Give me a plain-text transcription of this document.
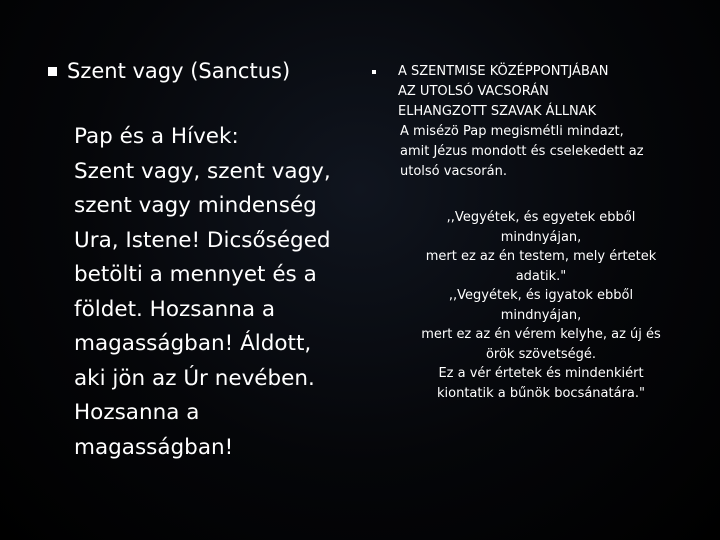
Szent vagy (Sanctus)
Pap és a Hívek:
Szent vagy, szent vagy,
szent vagy mindenség
Ura, Istene! Dicsőséged
betölti a mennyet és a
földet. Hozsanna a
magasságban! Áldott,
aki jön az Úr nevében.
Hozsanna a
magasságban!
A SZENTMISE KÖZÉPPONTJÁBAN
AZ UTOLSÓ VACSORÁN
ELHANGZOTT SZAVAK ÁLLNAK
A misézö Pap megismétli mindazt,
amit Jézus mondott és cselekedett az
utolsó vacsorán.
,,Vegyétek, és egyetek ebből
mindnyájan,
mert ez az én testem, mely értetek
adatik."
,,Vegyétek, és igyatok ebből
mindnyájan,
mert ez az én vérem kelyhe, az új és
örök szövetségé.
Ez a vér értetek és mindenkiért
kiontatik a bűnök bocsánatára."
